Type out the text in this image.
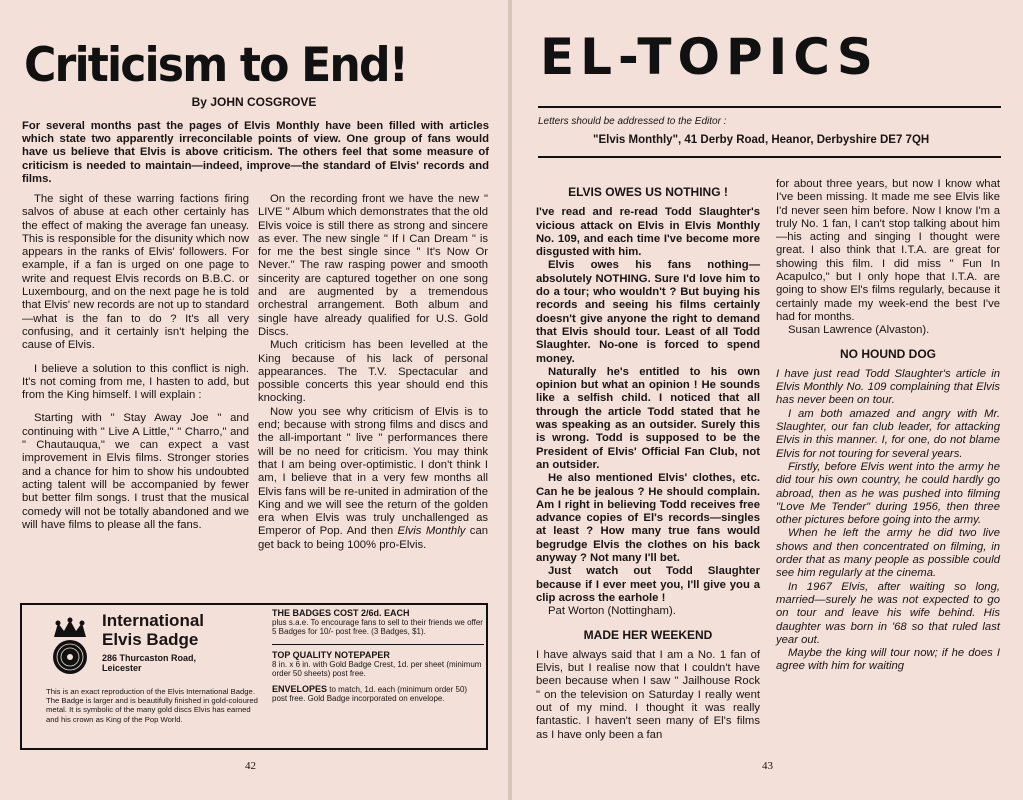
Criticism to End!
By JOHN COSGROVE
For several months past the pages of Elvis Monthly have been filled with articles which state two apparently irreconcilable points of view. One group of fans would have us believe that Elvis is above criticism. The others feel that some measure of criticism is needed to maintain—indeed, improve—the standard of Elvis' records and films.

The sight of these warring factions firing salvos of abuse at each other certainly has the effect of making the average fan uneasy. This is responsible for the disunity which now appears in the ranks of Elvis' followers. For example, if a fan is urged on one page to write and request Elvis records on B.B.C. or Luxembourg, and on the next page he is told that Elvis' new records are not up to standard—what is the fan to do ? It's all very confusing, and it certainly isn't helping the cause of Elvis.

I believe a solution to this conflict is nigh. It's not coming from me, I hasten to add, but from the King himself. I will explain :

Starting with " Stay Away Joe " and continuing with " Live A Little," " Charro," and " Chautauqua," we can expect a vast improvement in Elvis films. Stronger stories and a chance for him to show his undoubted acting talent will be accompanied by fewer but better film songs. I trust that the musical comedy will not be totally abandoned and we will have films to please all the fans.

On the recording front we have the new " LIVE " Album which demonstrates that the old Elvis voice is still there as strong and sincere as ever. The new single " If I Can Dream " is for me the best single since " It's Now Or Never." The raw rasping power and smooth sincerity are captured together on one song and are augmented by a tremendous orchestral arrangement. Both album and single have already qualified for U.S. Gold Discs.

Much criticism has been levelled at the King because of his lack of personal appearances. The T.V. Spectacular and possible concerts this year should end this knocking.

Now you see why criticism of Elvis is to end; because with strong films and discs and the all-important " live " performances there will be no need for criticism. You may think that I am being over-optimistic. I don't think I am, I believe that in a very few months all Elvis fans will be re-united in admiration of the King and we will see the return of the golden era when Elvis was truly unchallenged as Emperor of Pop. And then Elvis Monthly can get back to being 100% pro-Elvis.

International
Elvis Badge
286 Thurcaston Road,
Leicester
This is an exact reproduction of the Elvis International Badge. The Badge is larger and is beautifully finished in gold-coloured metal. It is symbolic of the many gold discs Elvis has earned and his crown as King of the Pop World.
THE BADGES COST 2/6d. EACH
plus s.a.e. To encourage fans to sell to their friends we offer 5 Badges for 10/- post free. (3 Badges, $1).
TOP QUALITY NOTEPAPER
8 in. x 6 in. with Gold Badge Crest, 1d. per sheet (minimum order 50 sheets) post free.
ENVELOPES to match, 1d. each (minimum order 50) post free. Gold Badge incorporated on envelope.
42
EL-TOPICS
Letters should be addressed to the Editor :
"Elvis Monthly", 41 Derby Road, Heanor, Derbyshire DE7 7QH
ELVIS OWES US NOTHING !

I've read and re-read Todd Slaughter's vicious attack on Elvis in Elvis Monthly No. 109, and each time I've become more disgusted with him.

Elvis owes his fans nothing—absolutely NOTHING. Sure I'd love him to do a tour; who wouldn't ? But buying his records and seeing his films certainly doesn't give anyone the right to demand that Elvis should tour. Least of all Todd Slaughter. No-one is forced to spend money.

Naturally he's entitled to his own opinion but what an opinion ! He sounds like a selfish child. I noticed that all through the article Todd stated that he was speaking as an outsider. Surely this is wrong. Todd is supposed to be the President of Elvis' Official Fan Club, not an outsider.

He also mentioned Elvis' clothes, etc. Can he be jealous ? He should complain. Am I right in believing Todd receives free advance copies of El's records—singles at least ? How many true fans would begrudge Elvis the clothes on his back anyway ? Not many I'll bet.

Just watch out Todd Slaughter because if I ever meet you, I'll give you a clip across the earhole !

Pat Worton (Nottingham).

MADE HER WEEKEND

I have always said that I am a No. 1 fan of Elvis, but I realise now that I couldn't have been because when I saw " Jailhouse Rock " on the television on Saturday I really went out of my mind. I thought it was really fantastic. I haven't seen many of El's films as I have only been a fan

for about three years, but now I know what I've been missing. It made me see Elvis like I'd never seen him before. Now I know I'm a truly No. 1 fan, I can't stop talking about him—his acting and singing I thought were great. I also think that I.T.A. are great for showing this film. I did miss " Fun In Acapulco," but I only hope that I.T.A. are going to show El's films regularly, because it certainly made my week-end the best I've had for months.

Susan Lawrence (Alvaston).

NO HOUND DOG

I have just read Todd Slaughter's article in Elvis Monthly No. 109 complaining that Elvis has never been on tour.

I am both amazed and angry with Mr. Slaughter, our fan club leader, for attacking Elvis in this manner. I, for one, do not blame Elvis for not touring for several years.

Firstly, before Elvis went into the army he did tour his own country, he could hardly go abroad, then as he was pushed into filming "Love Me Tender" during 1956, then three other pictures before going into the army.

When he left the army he did two live shows and then concentrated on filming, in order that as many people as possible could see him regularly at the cinema.

In 1967 Elvis, after waiting so long, married—surely he was not expected to go on tour and leave his wife behind. His daughter was born in '68 so that ruled last year out.

Maybe the king will tour now; if he does I agree with him for waiting

43
